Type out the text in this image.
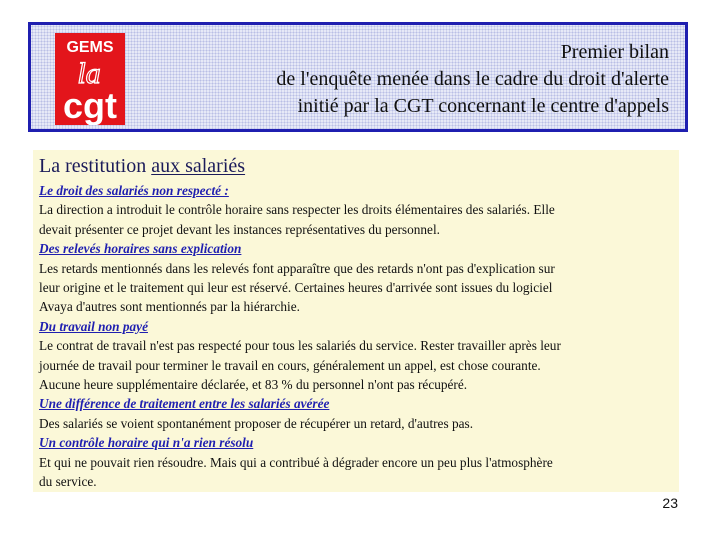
GEMS
la
cgt
Premier bilan
de l'enquête menée dans le cadre du droit d'alerte
initié par la CGT concernant le centre d'appels
La restitution aux salariés
Le droit des salariés non respecté :
La direction a introduit le contrôle horaire sans respecter les droits élémentaires des salariés. Elle
devait présenter ce projet devant les instances représentatives du personnel.
Des relevés horaires sans explication
Les retards mentionnés dans les relevés font apparaître que des retards n'ont pas d'explication sur
leur origine et le traitement qui leur est réservé. Certaines heures d'arrivée sont issues du logiciel
Avaya d'autres sont mentionnés par la hiérarchie.
Du travail non payé
Le contrat de travail n'est pas respecté pour tous les salariés du service. Rester travailler après leur
journée de travail pour terminer le travail en cours, généralement un appel, est chose courante.
Aucune heure supplémentaire déclarée, et 83 % du personnel n'ont pas récupéré.
Une différence de traitement entre les salariés avérée
Des salariés se voient spontanément proposer de récupérer un retard, d'autres pas.
Un contrôle horaire qui n'a rien résolu
Et qui ne pouvait rien résoudre. Mais qui a contribué à dégrader encore un peu plus l'atmosphère
du service.
23
